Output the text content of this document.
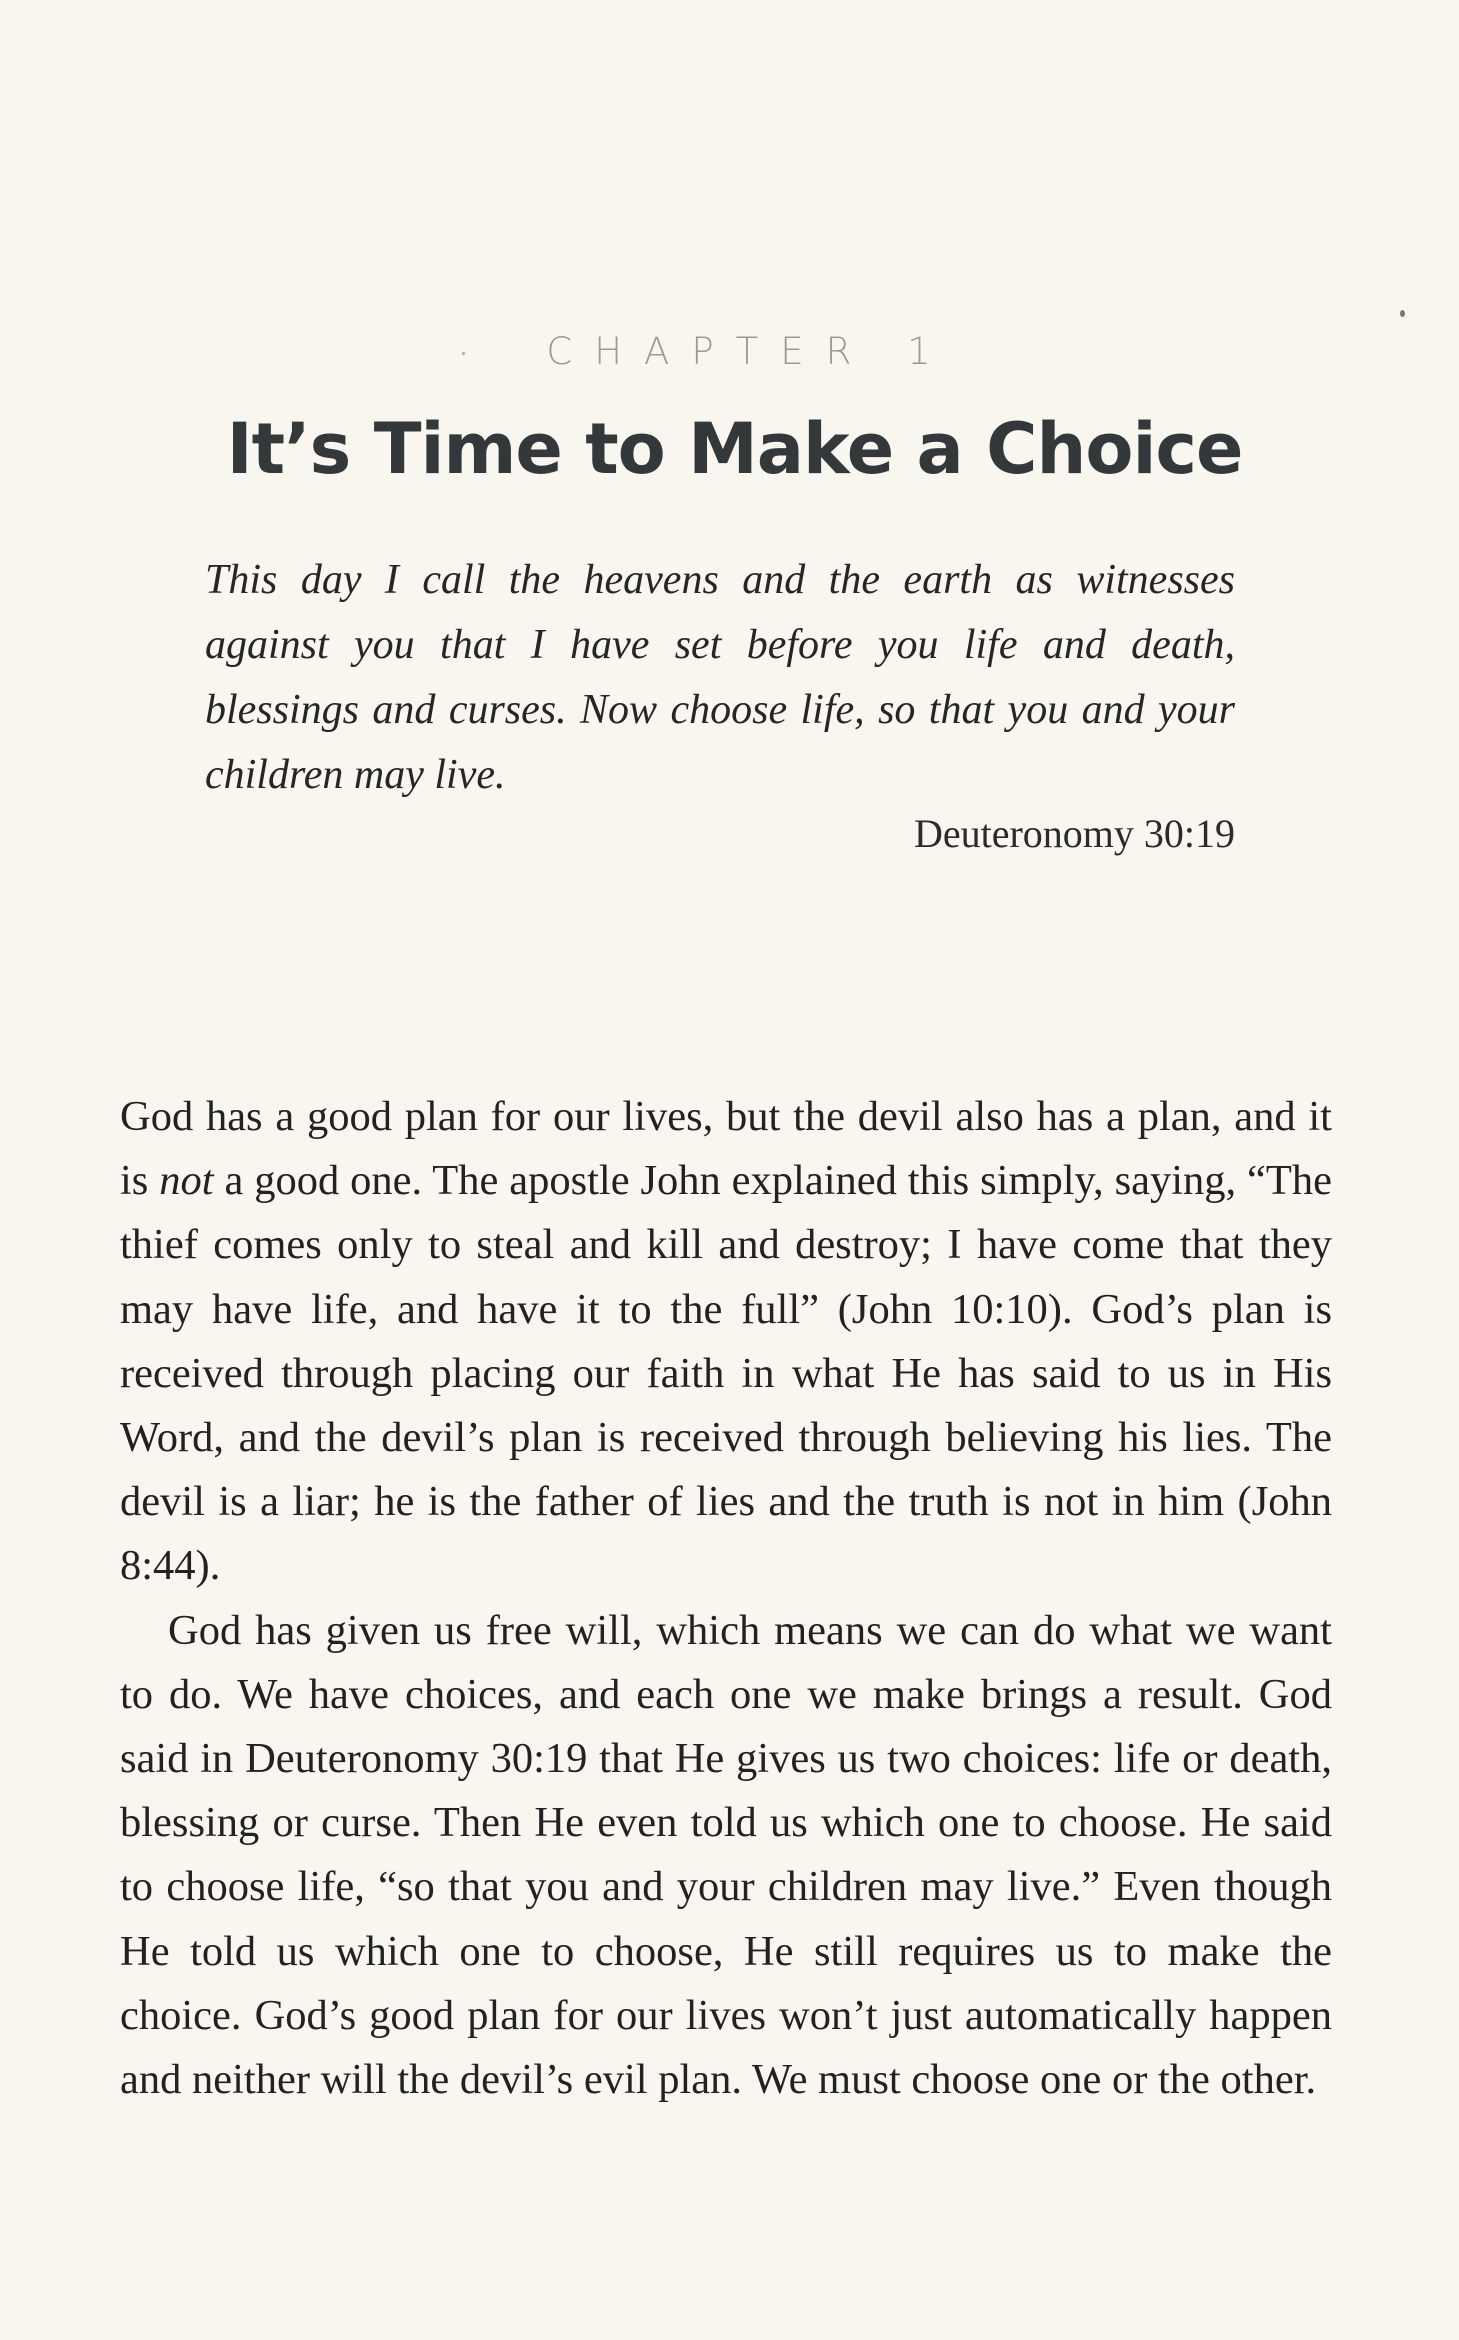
CHAPTER 1
It’s Time to Make a Choice
This day I call the heavens and the earth as witnesses against you that I have set before you life and death, blessings and curses. Now choose life, so that you and your children may live.
Deuteronomy 30:19

God has a good plan for our lives, but the devil also has a plan, and it is not a good one. The apostle John explained this simply, saying, “The thief comes only to steal and kill and destroy; I have come that they may have life, and have it to the full” (John 10:10). God’s plan is received through placing our faith in what He has said to us in His Word, and the devil’s plan is received through believing his lies. The devil is a liar; he is the father of lies and the truth is not in him (John 8:44).

God has given us free will, which means we can do what we want to do. We have choices, and each one we make brings a result. God said in Deuteronomy 30:19 that He gives us two choices: life or death, blessing or curse. Then He even told us which one to choose. He said to choose life, “so that you and your children may live.” Even though He told us which one to choose, He still requires us to make the choice. God’s good plan for our lives won’t just automatically happen and neither will the devil’s evil plan. We must choose one or the other.
